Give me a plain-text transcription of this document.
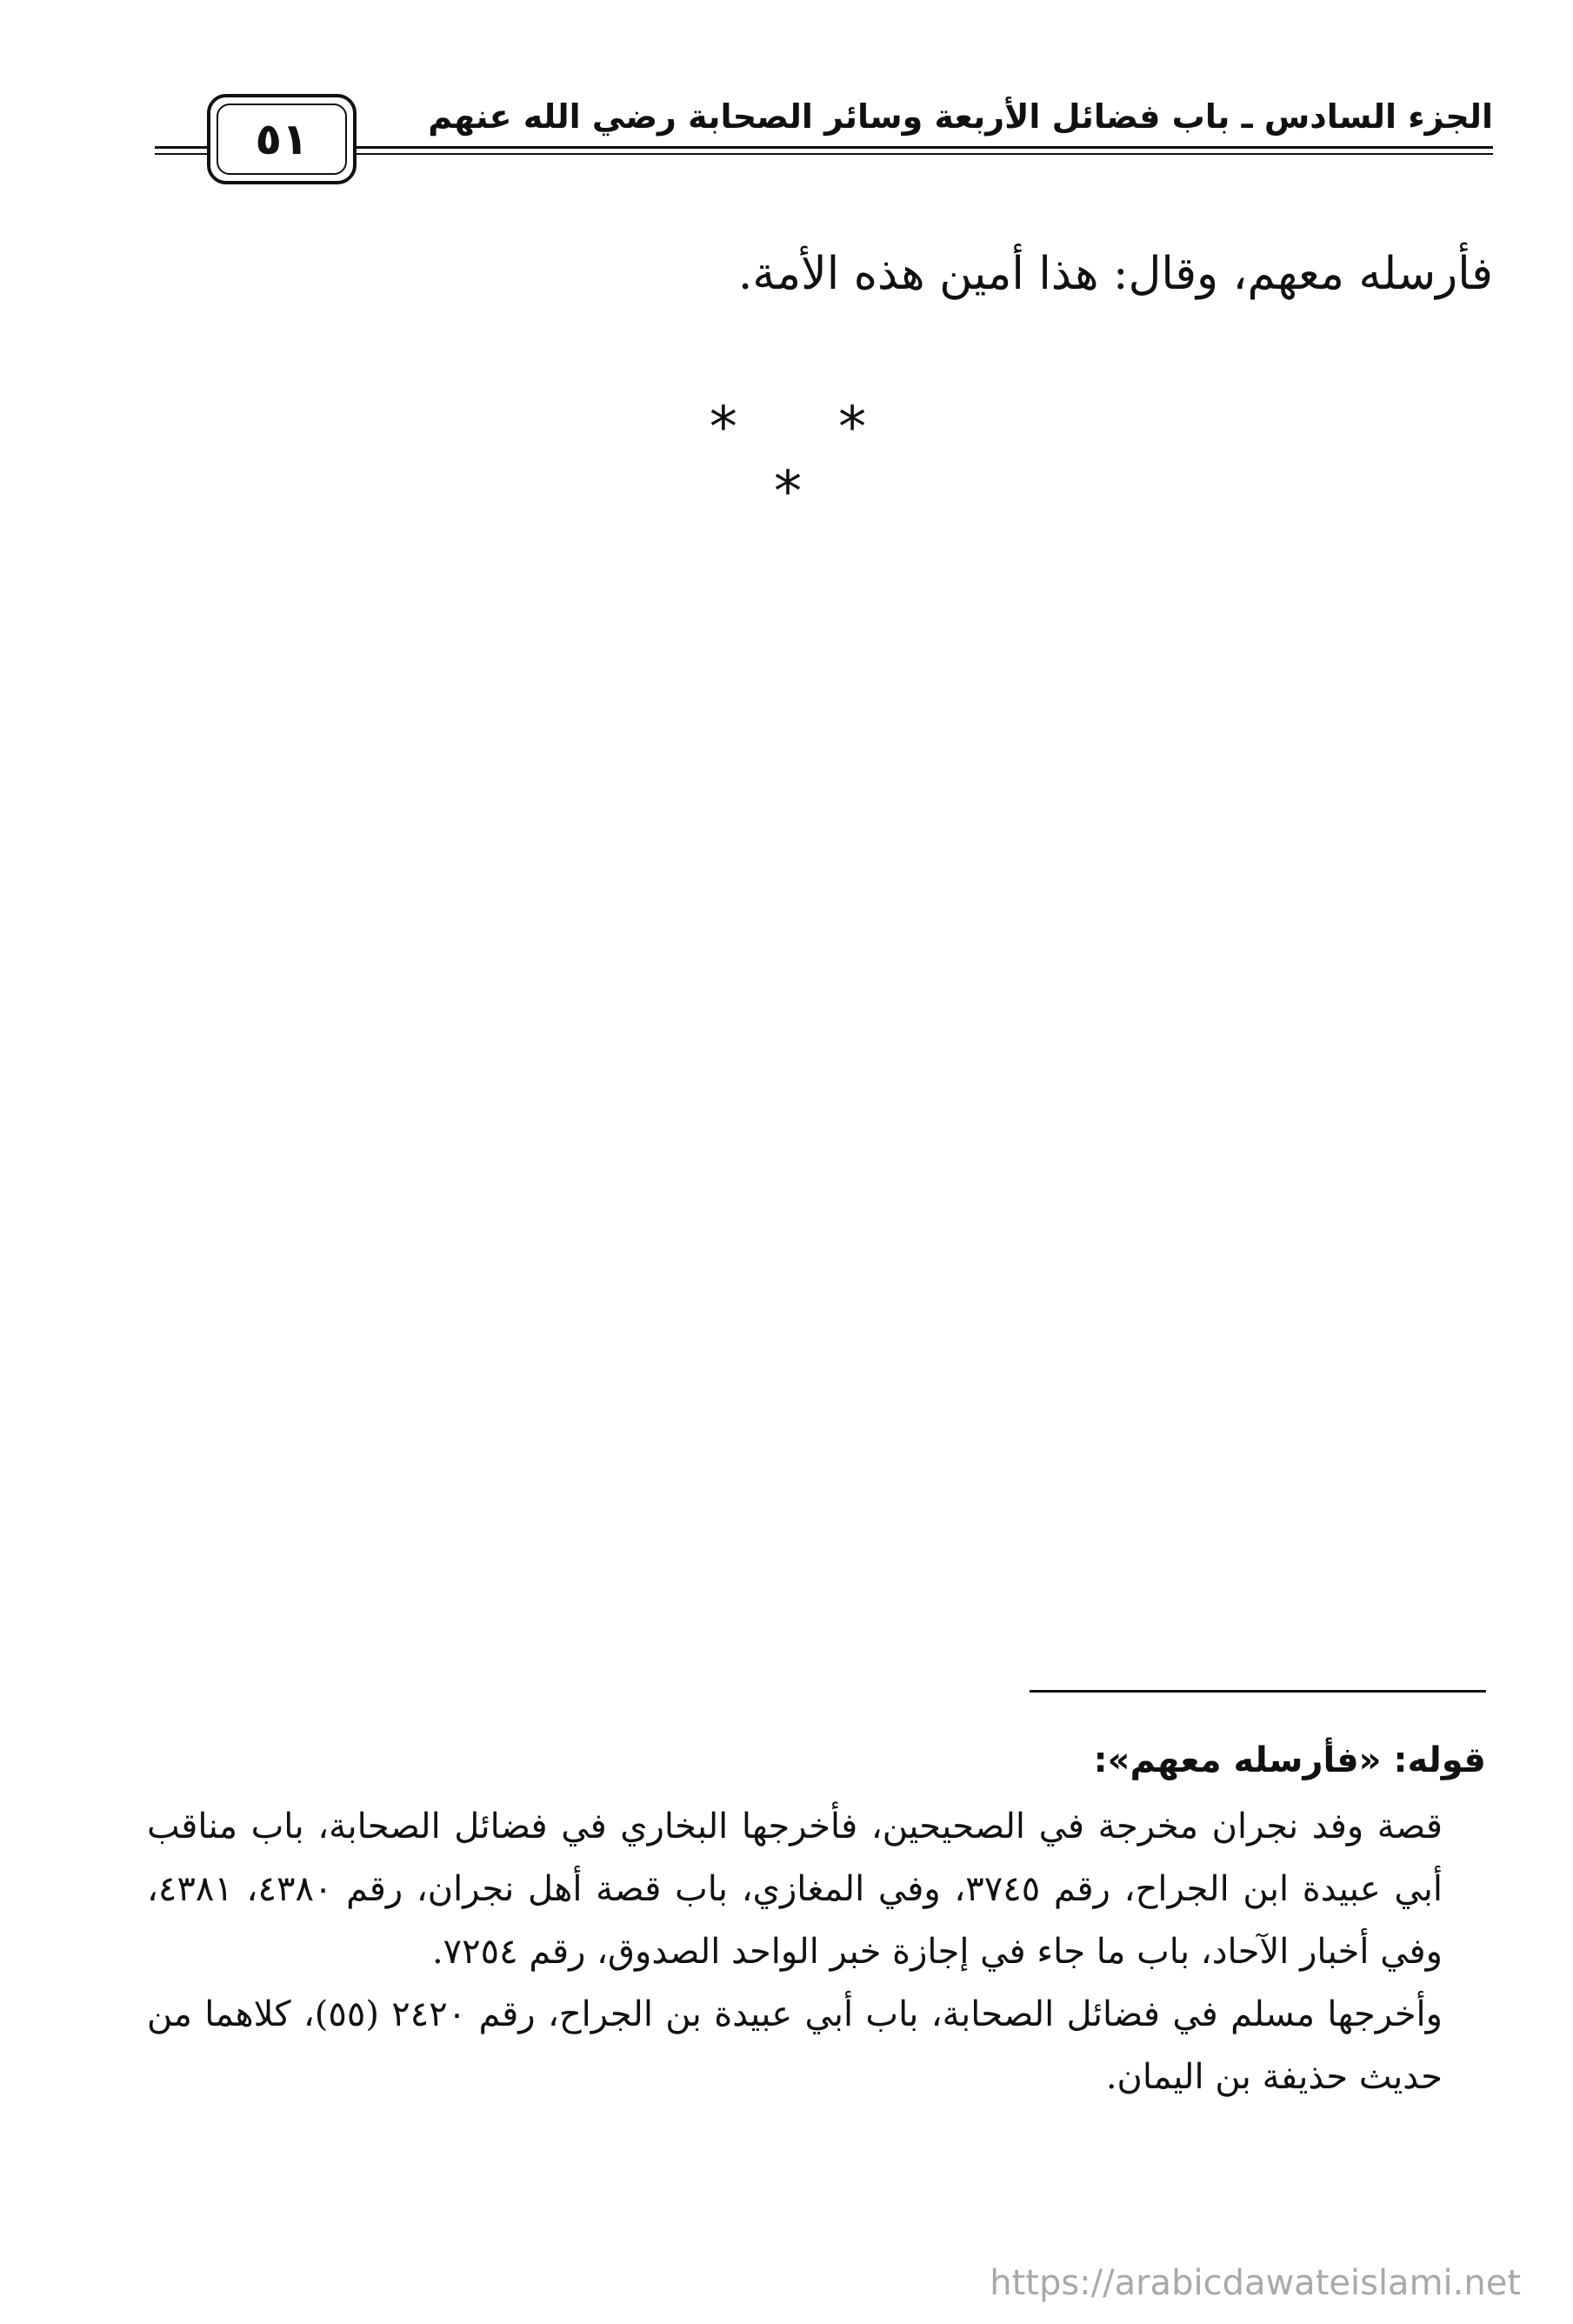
الجزء السادس ـ باب فضائل الأربعة وسائر الصحابة رضي الله عنهم
٥١
فأرسله معهم، وقال: هذا أمين هذه الأمة.
* * *
قوله: «فأرسله معهم»:

قصة وفد نجران مخرجة في الصحيحين، فأخرجها البخاري في فضائل الصحابة، باب مناقب أبي عبيدة ابن الجراح، رقم ٣٧٤٥، وفي المغازي، باب قصة أهل نجران، رقم ٤٣٨٠، ٤٣٨١، وفي أخبار الآحاد، باب ما جاء في إجازة خبر الواحد الصدوق، رقم ٧٢٥٤.

وأخرجها مسلم في فضائل الصحابة، باب أبي عبيدة بن الجراح، رقم ٢٤٢٠ (٥٥)، كلاهما من حديث حذيفة بن اليمان.

https://arabicdawateislami.net
